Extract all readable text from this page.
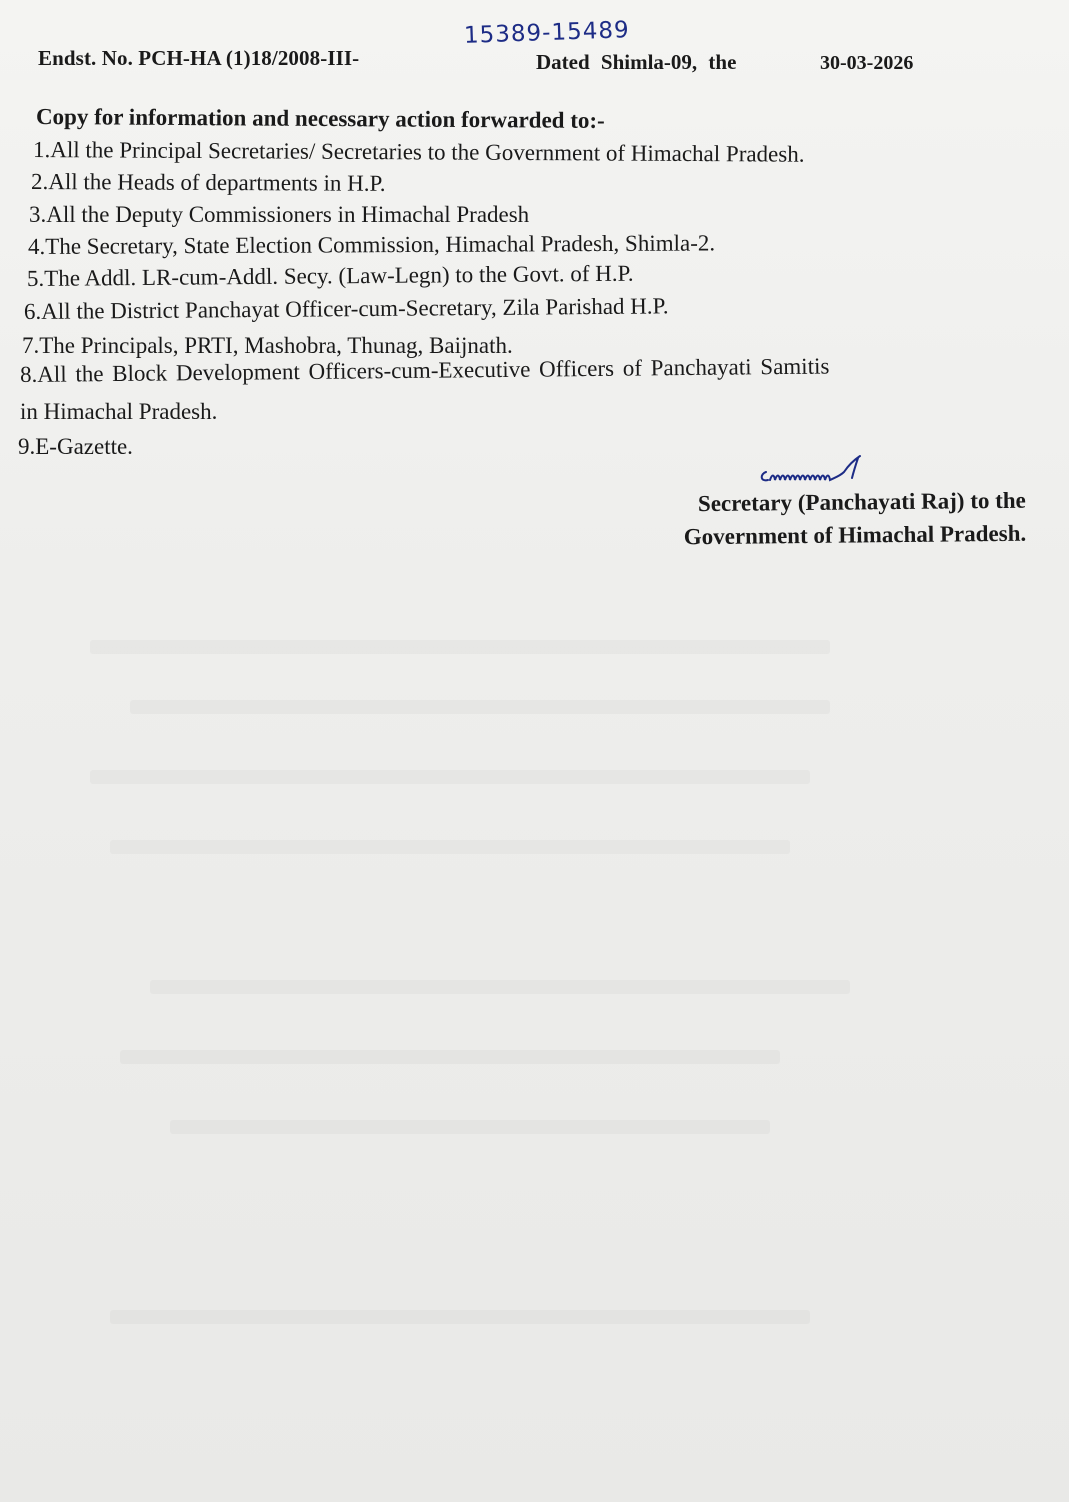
Endst. No. PCH-HA (1)18/2008-III-
15389-15489
Dated Shimla-09, the	30-03-2026
Copy for information and necessary action forwarded to:-
1.All the Principal Secretaries/ Secretaries to the Government of Himachal Pradesh.
2.All the Heads of departments in H.P.
3.All the Deputy Commissioners in Himachal Pradesh
4.The Secretary, State Election Commission, Himachal Pradesh, Shimla-2.
5.The Addl. LR-cum-Addl. Secy. (Law-Legn) to the Govt. of H.P.
6.All the District Panchayat Officer-cum-Secretary, Zila Parishad H.P.
7.The Principals, PRTI, Mashobra, Thunag, Baijnath.
8.All the Block Development Officers-cum-Executive Officers of Panchayati Samitis
in Himachal Pradesh.
9.E-Gazette.
Secretary (Panchayati Raj) to the
Government of Himachal Pradesh.
